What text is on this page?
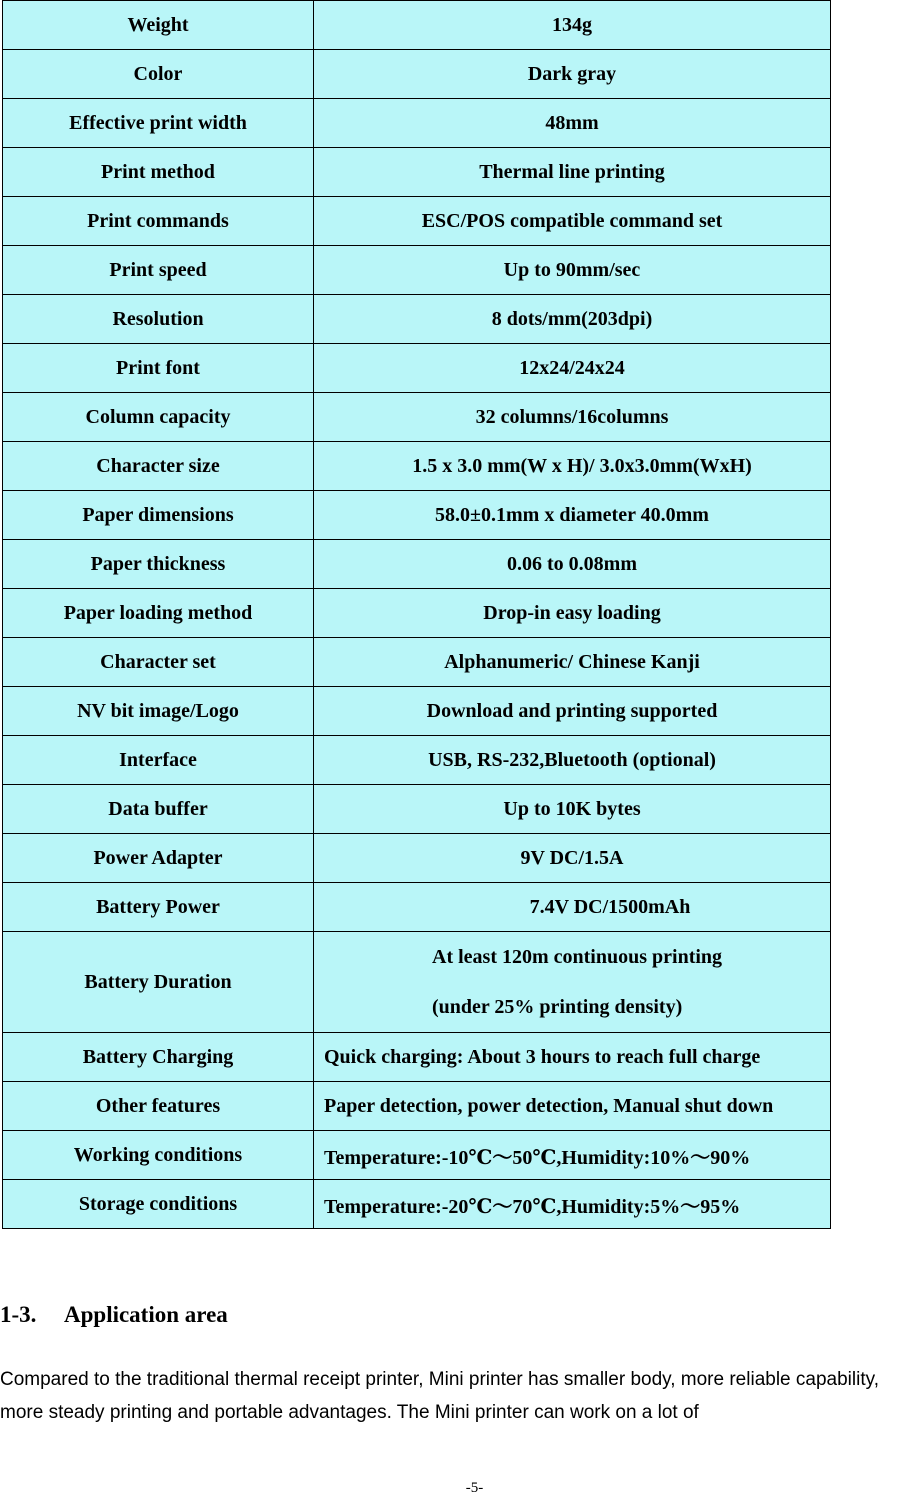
Weight	134g
Color	Dark gray
Effective print width	48mm
Print method	Thermal line printing
Print commands	ESC/POS compatible command set
Print speed	Up to 90mm/sec
Resolution	8 dots/mm(203dpi)
Print font	12x24/24x24
Column capacity	32 columns/16columns
Character size	1.5 x 3.0 mm(W x H)/ 3.0x3.0mm(WxH)
Paper dimensions	58.0±0.1mm x diameter 40.0mm
Paper thickness	0.06 to 0.08mm
Paper loading method	Drop-in easy loading
Character set	Alphanumeric/ Chinese Kanji
NV bit image/Logo	Download and printing supported
Interface	USB, RS-232,Bluetooth (optional)
Data buffer	Up to 10K bytes
Power Adapter	9V DC/1.5A
Battery Power	7.4V DC/1500mAh
Battery Duration	At least 120m continuous printing
(under 25% printing density)

Battery Charging	Quick charging: About 3 hours to reach full charge
Other features	Paper detection, power detection, Manual shut down
Working conditions	Temperature:-10℃～50℃,Humidity:10%～90%
Storage conditions	Temperature:-20℃～70℃,Humidity:5%～95%
1-3. Application area

Compared to the traditional thermal receipt printer, Mini printer has smaller body, more reliable capability, more steady printing and portable advantages. The Mini printer can work on a lot of

-5-
